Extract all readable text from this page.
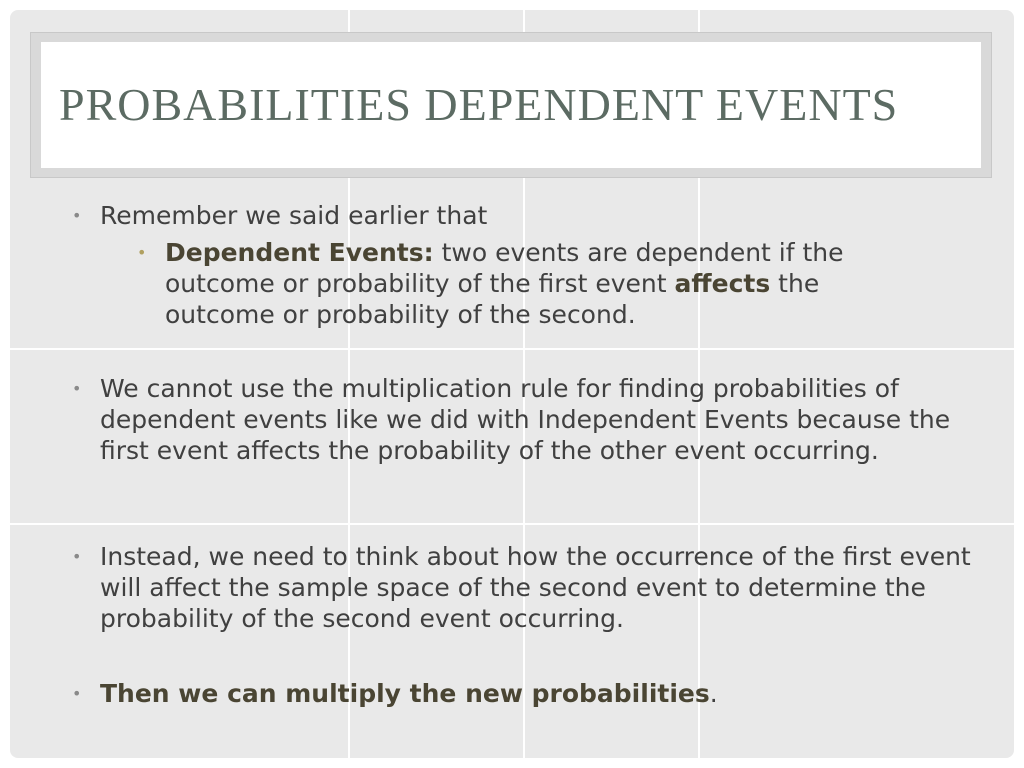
PROBABILITIES DEPENDENT EVENTS
• Remember we said earlier that
• Dependent Events: two events are dependent if the outcome or probability of the first event affects the outcome or probability of the second.
• We cannot use the multiplication rule for finding probabilities of dependent events like we did with Independent Events because the first event affects the probability of the other event occurring.
• Instead, we need to think about how the occurrence of the first event will affect the sample space of the second event to determine the probability of the second event occurring.
• Then we can multiply the new probabilities.
